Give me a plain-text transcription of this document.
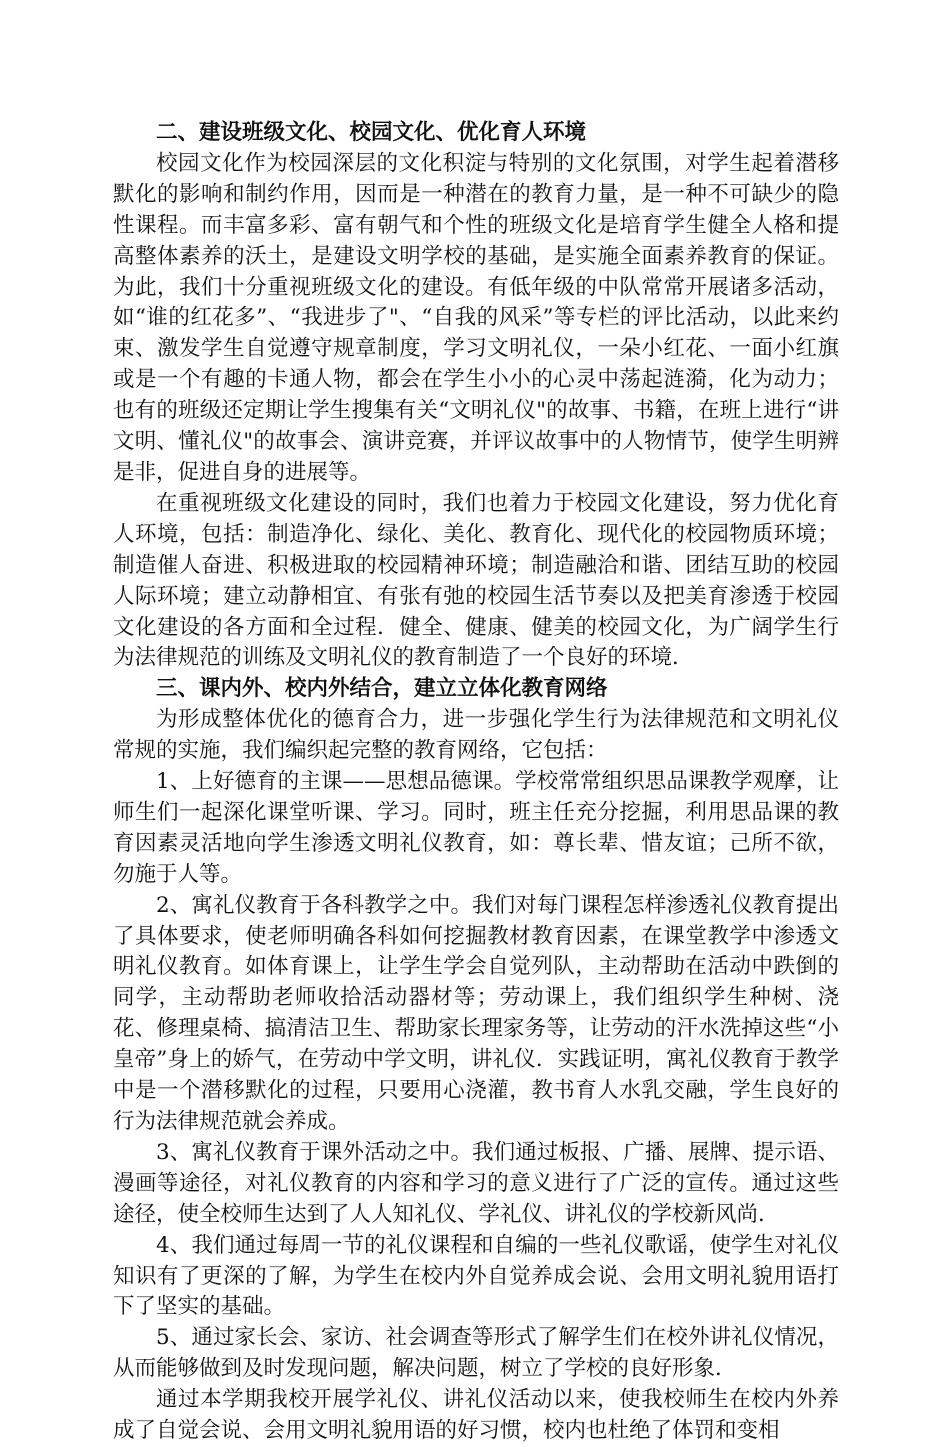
二、建设班级文化、校园文化、优化育人环境

校园文化作为校园深层的文化积淀与特别的文化氛围，对学生起着潜移默化的影响和制约作用，因而是一种潜在的教育力量，是一种不可缺少的隐性课程。而丰富多彩、富有朝气和个性的班级文化是培育学生健全人格和提高整体素养的沃土，是建设文明学校的基础，是实施全面素养教育的保证。为此，我们十分重视班级文化的建设。有低年级的中队常常开展诸多活动，如“谁的红花多”、“我进步了"、“自我的风采”等专栏的评比活动，以此来约束、激发学生自觉遵守规章制度，学习文明礼仪，一朵小红花、一面小红旗或是一个有趣的卡通人物，都会在学生小小的心灵中荡起涟漪，化为动力；也有的班级还定期让学生搜集有关“文明礼仪"的故事、书籍，在班上进行“讲文明、懂礼仪"的故事会、演讲竞赛，并评议故事中的人物情节，使学生明辨是非，促进自身的进展等。

在重视班级文化建设的同时，我们也着力于校园文化建设，努力优化育人环境，包括：制造净化、绿化、美化、教育化、现代化的校园物质环境；制造催人奋进、积极进取的校园精神环境；制造融洽和谐、团结互助的校园人际环境；建立动静相宜、有张有弛的校园生活节奏以及把美育渗透于校园文化建设的各方面和全过程．健全、健康、健美的校园文化，为广阔学生行为法律规范的训练及文明礼仪的教育制造了一个良好的环境．

三、课内外、校内外结合，建立立体化教育网络

为形成整体优化的德育合力，进一步强化学生行为法律规范和文明礼仪常规的实施，我们编织起完整的教育网络，它包括：

1、上好德育的主课——思想品德课。学校常常组织思品课教学观摩，让师生们一起深化课堂听课、学习。同时，班主任充分挖掘，利用思品课的教育因素灵活地向学生渗透文明礼仪教育，如：尊长辈、惜友谊；己所不欲，勿施于人等。

2、寓礼仪教育于各科教学之中。我们对每门课程怎样渗透礼仪教育提出了具体要求，使老师明确各科如何挖掘教材教育因素，在课堂教学中渗透文明礼仪教育。如体育课上，让学生学会自觉列队，主动帮助在活动中跌倒的同学，主动帮助老师收拾活动器材等；劳动课上，我们组织学生种树、浇花、修理桌椅、搞清洁卫生、帮助家长理家务等，让劳动的汗水洗掉这些“小皇帝”身上的娇气，在劳动中学文明，讲礼仪．实践证明，寓礼仪教育于教学中是一个潜移默化的过程，只要用心浇灌，教书育人水乳交融，学生良好的行为法律规范就会养成。

3、寓礼仪教育于课外活动之中。我们通过板报、广播、展牌、提示语、漫画等途径，对礼仪教育的内容和学习的意义进行了广泛的宣传。通过这些途径，使全校师生达到了人人知礼仪、学礼仪、讲礼仪的学校新风尚．

4、我们通过每周一节的礼仪课程和自编的一些礼仪歌谣，使学生对礼仪知识有了更深的了解，为学生在校内外自觉养成会说、会用文明礼貌用语打下了坚实的基础。

5、通过家长会、家访、社会调查等形式了解学生们在校外讲礼仪情况，从而能够做到及时发现问题，解决问题，树立了学校的良好形象．

通过本学期我校开展学礼仪、讲礼仪活动以来，使我校师生在校内外养成了自觉会说、会用文明礼貌用语的好习惯，校内也杜绝了体罚和变相
